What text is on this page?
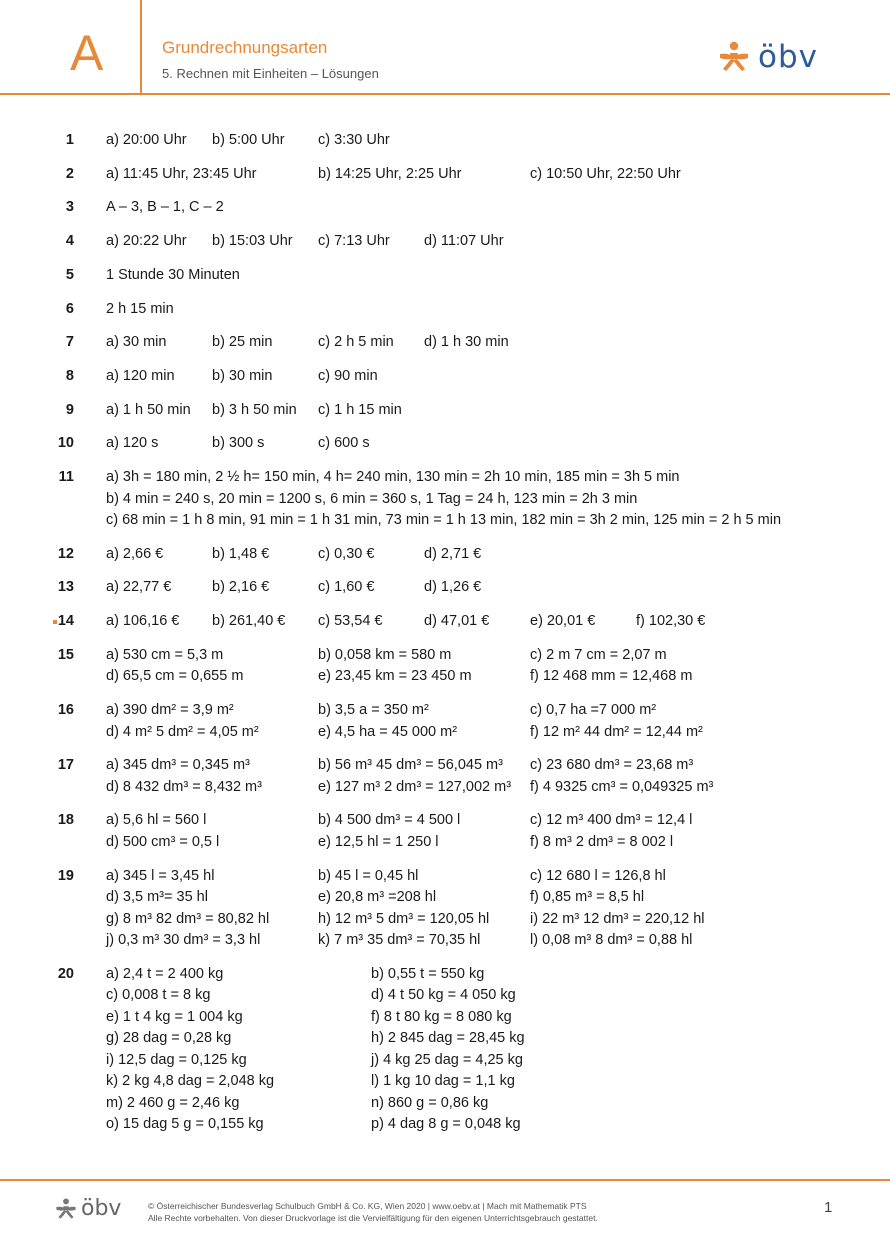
A	Grundrechnungsarten
5. Rechnen mit Einheiten – Lösungen	öbv
1 a) 20:00 Uhr b) 5:00 Uhr c) 3:30 Uhr
2 a) 11:45 Uhr, 23:45 Uhr	b) 14:25 Uhr, 2:25 Uhr	c) 10:50 Uhr, 22:50 Uhr
3 A – 3, B – 1, C – 2
4 a) 20:22 Uhr b) 15:03 Uhr c) 7:13 Uhr d) 11:07 Uhr
5 1 Stunde 30 Minuten
6 2 h 15 min
7 a) 30 min	b) 25 min	c) 2 h 5 min d) 1 h 30 min
8 a) 120 min	b) 30 min	c) 90 min
9 a) 1 h 50 min b) 3 h 50 min c) 1 h 15 min
10 a) 120 s	b) 300 s	c) 600 s
11 a) 3h = 180 min, 2 ½ h= 150 min, 4 h= 240 min, 130 min = 2h 10 min, 185 min = 3h 5 min
b) 4 min = 240 s, 20 min = 1200 s, 6 min = 360 s, 1 Tag = 24 h, 123 min = 2h 3 min
c) 68 min = 1 h 8 min, 91 min = 1 h 31 min, 73 min = 1 h 13 min, 182 min = 3h 2 min, 125 min = 2 h 5 min
12 a) 2,66 €	b) 1,48 €	c) 0,30 €	d) 2,71 €
13 a) 22,77 €	b) 2,16 €	c) 1,60 €	d) 1,26 €
14 a) 106,16 € b) 261,40 € c) 53,54 €	d) 47,01 €	e) 20,01 €	f) 102,30 €
15 a) 530 cm = 5,3 m	b) 0,058 km = 580 m	c) 2 m 7 cm = 2,07 m
d) 65,5 cm = 0,655 m	e) 23,45 km = 23 450 m	f) 12 468 mm = 12,468 m
16 a) 390 dm² = 3,9 m²	b) 3,5 a = 350 m²	c) 0,7 ha =7 000 m²
d) 4 m² 5 dm² = 4,05 m²	e) 4,5 ha = 45 000 m²	f) 12 m² 44 dm² = 12,44 m²
17 a) 345 dm³ = 0,345 m³	b) 56 m³ 45 dm³ = 56,045 m³ c) 23 680 dm³ = 23,68 m³
d) 8 432 dm³ = 8,432 m³	e) 127 m³ 2 dm³ = 127,002 m³ f) 4 9325 cm³ = 0,049325 m³
18 a) 5,6 hl = 560 l	b) 4 500 dm³ = 4 500 l	c) 12 m³ 400 dm³ = 12,4 l
d) 500 cm³ = 0,5 l	e) 12,5 hl = 1 250 l	f) 8 m³ 2 dm³ = 8 002 l
19 a) 345 l = 3,45 hl	b) 45 l = 0,45 hl	c) 12 680 l = 126,8 hl
d) 3,5 m³= 35 hl	e) 20,8 m³ =208 hl	f) 0,85 m³ = 8,5 hl
g) 8 m³ 82 dm³ = 80,82 hl	h) 12 m³ 5 dm³ = 120,05 hl	i) 22 m³ 12 dm³ = 220,12 hl
j) 0,3 m³ 30 dm³ = 3,3 hl	k) 7 m³ 35 dm³ = 70,35 hl	l) 0,08 m³ 8 dm³ = 0,88 hl
20 a) 2,4 t = 2 400 kg	b) 0,55 t = 550 kg
c) 0,008 t = 8 kg	d) 4 t 50 kg = 4 050 kg
e) 1 t 4 kg = 1 004 kg	f) 8 t 80 kg = 8 080 kg
g) 28 dag = 0,28 kg	h) 2 845 dag = 28,45 kg
i) 12,5 dag = 0,125 kg	j) 4 kg 25 dag = 4,25 kg
k) 2 kg 4,8 dag = 2,048 kg	l) 1 kg 10 dag = 1,1 kg
m) 2 460 g = 2,46 kg	n) 860 g = 0,86 kg
o) 15 dag 5 g = 0,155 kg	p) 4 dag 8 g = 0,048 kg
öbv	© Österreichischer Bundesverlag Schulbuch GmbH & Co. KG, Wien 2020 | www.oebv.at | Mach mit Mathematik PTS
Alle Rechte vorbehalten. Von dieser Druckvorlage ist die Vervielfältigung für den eigenen Unterrichtsgebrauch gestattet.
1
